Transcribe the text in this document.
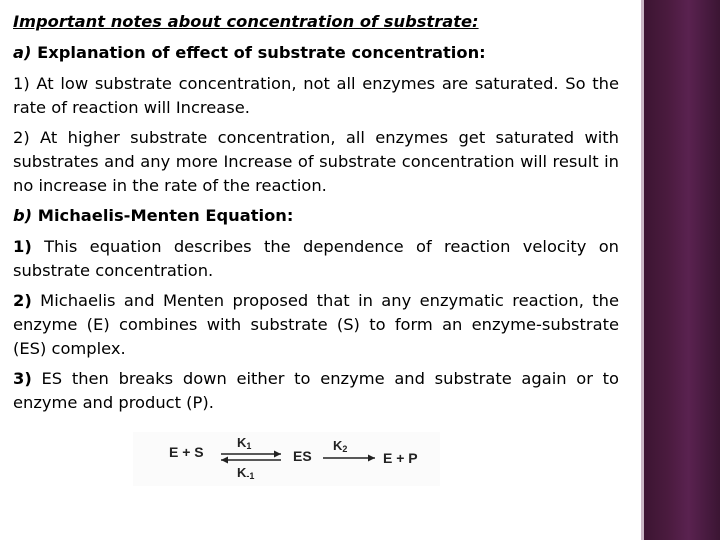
Important notes about concentration of substrate:

a) Explanation of effect of substrate concentration:

1) At low substrate concentration, not all enzymes are saturated. So the rate of reaction will Increase.

2) At higher substrate concentration, all enzymes get saturated with substrates and any more Increase of substrate concentration will result in no increase in the rate of the reaction.

b) Michaelis-Menten Equation:

1) This equation describes the dependence of reaction velocity on substrate concentration.

2) Michaelis and Menten proposed that in any enzymatic reaction, the enzyme (E) combines with substrate (S) to form an enzyme-substrate (ES) complex.

3) ES then breaks down either to enzyme and substrate again or to enzyme and product (P).

E + S
K1
K-1
ES
K2
E + P
